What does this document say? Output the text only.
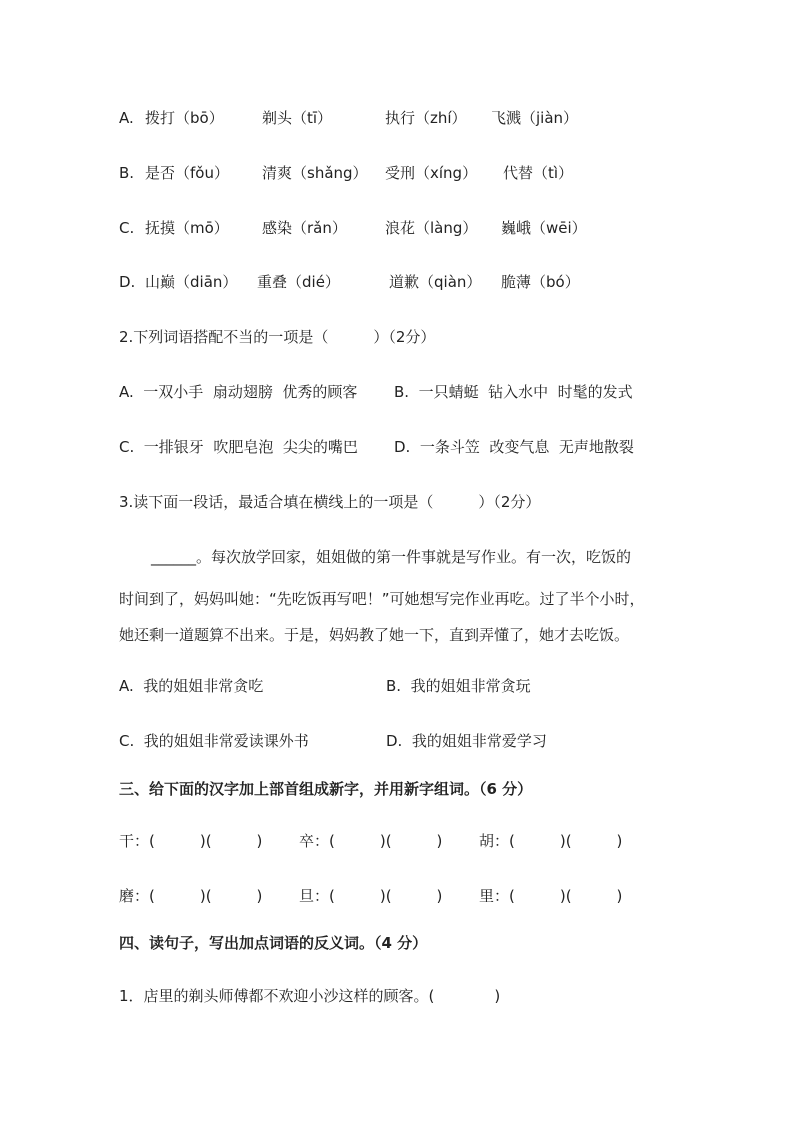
A. 拨打（bō）	剃头（tī）	执行（zhí） 飞溅（jiàn）
B. 是否（fǒu） 清爽（shǎng） 受刑（xíng） 代替（tì）
C. 抚摸（mō） 感染（rǎn）	浪花（làng） 巍峨（wēi）
D. 山巅（diān） 重叠（dié）	道歉（qiàn） 脆薄（bó）
2.下列词语搭配不当的一项是（　　　）（2分）
A.  一双小手  扇动翅膀  优秀的顾客 B.  一只蜻蜓  钻入水中  时髦的发式
C.  一排银牙  吹肥皂泡  尖尖的嘴巴 D.  一条斗笠  改变气息  无声地散裂
3.读下面一段话，最适合填在横线上的一项是（　　　）（2分）
______。每次放学回家，姐姐做的第一件事就是写作业。有一次，吃饭的
时间到了，妈妈叫她：“先吃饭再写吧！”可她想写完作业再吃。过了半个小时，
她还剩一道题算不出来。于是，妈妈教了她一下，直到弄懂了，她才去吃饭。
A.  我的姐姐非常贪吃	B.  我的姐姐非常贪玩
C.  我的姐姐非常爱读课外书	D.  我的姐姐非常爱学习
三、给下面的汉字加上部首组成新字，并用新字组词。（6 分）
干：(　　　)(　　　) 卒：(　　　)(　　　) 胡：(　　　)(　　　)
磨：(　　　)(　　　) 旦：(　　　)(　　　) 里：(　　　)(　　　)
四、读句子，写出加点词语的反义词。（4 分）
1．店里的剃头师傅都不欢迎小沙这样的顾客。(　　　　)
